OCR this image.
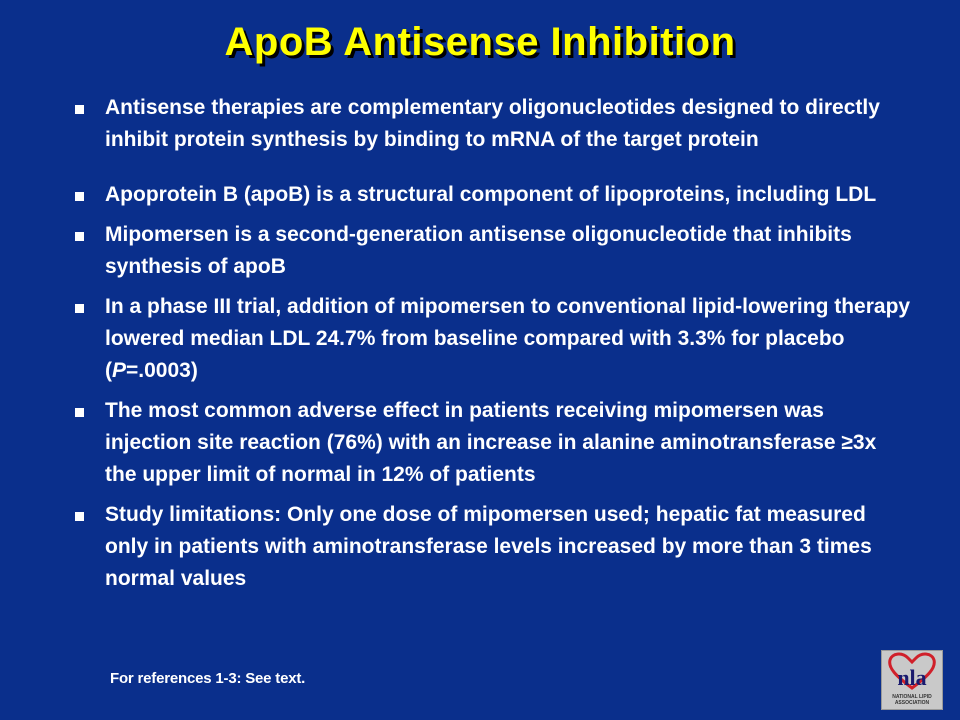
ApoB Antisense Inhibition
Antisense therapies are complementary oligonucleotides designed to directly inhibit protein synthesis by binding to mRNA of the target protein
Apoprotein B (apoB) is a structural component of lipoproteins, including LDL
Mipomersen is a second-generation antisense oligonucleotide that inhibits synthesis of apoB
In a phase III trial, addition of mipomersen to conventional lipid-lowering therapy lowered median LDL 24.7% from baseline compared with 3.3% for placebo (P=.0003)
The most common adverse effect in patients receiving mipomersen was injection site reaction (76%) with an increase in alanine aminotransferase ≥3x the upper limit of normal in 12% of patients
Study limitations: Only one dose of mipomersen used; hepatic fat measured only in patients with aminotransferase levels increased by more than 3 times normal values
For references 1-3: See text.	nla
NATIONAL LIPID ASSOCIATION
